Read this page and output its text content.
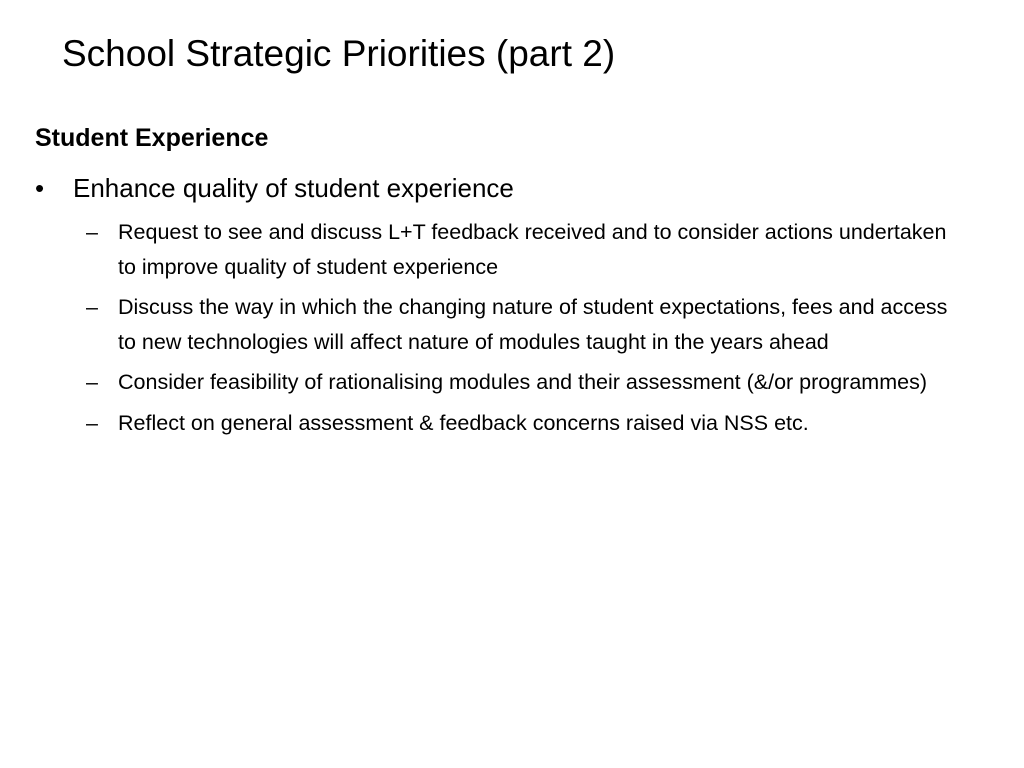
School Strategic Priorities (part 2)
Student Experience
•	Enhance quality of student experience
– Request to see and discuss L+T feedback received and to consider actions undertaken to improve quality of student experience
– Discuss the way in which the changing nature of student expectations, fees and access to new technologies will affect nature of modules taught in the years ahead
– Consider feasibility of rationalising modules and their assessment (&/or programmes)
– Reflect on general assessment & feedback concerns raised via NSS etc.
